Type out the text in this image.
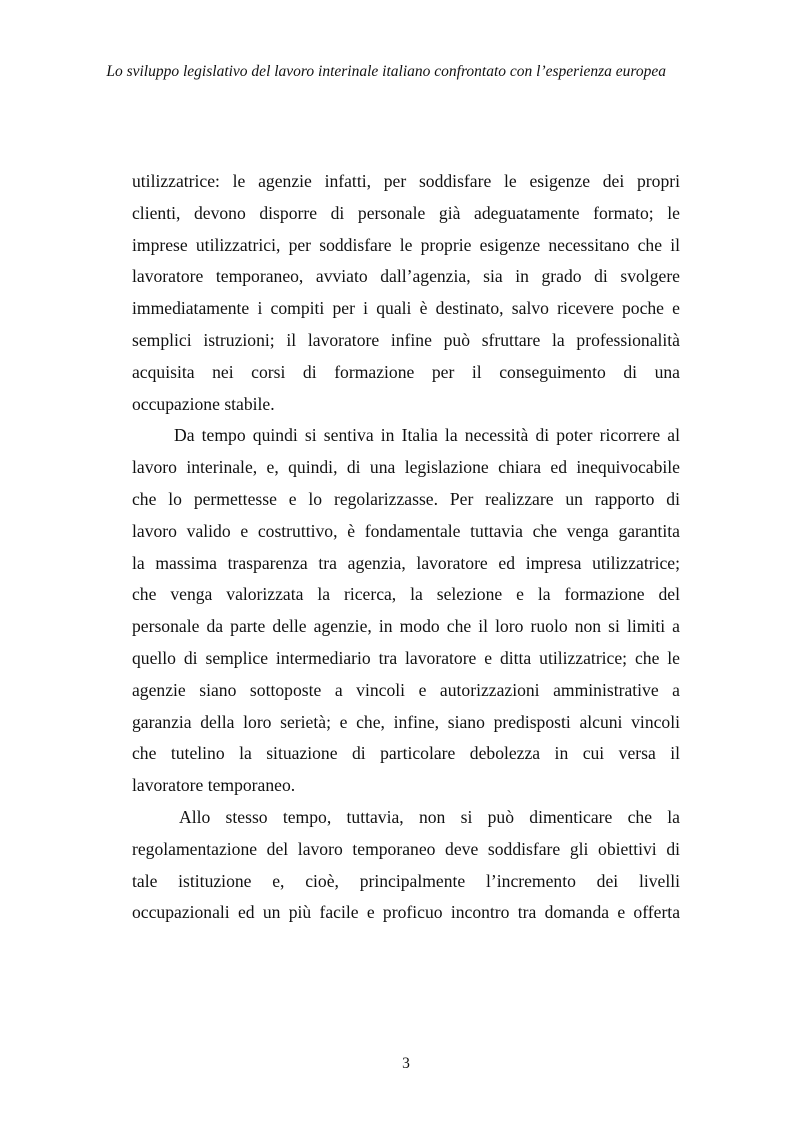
Lo sviluppo legislativo del lavoro interinale italiano confrontato con l’esperienza europea
utilizzatrice: le agenzie infatti, per soddisfare le esigenze dei propri
clienti, devono disporre di personale già adeguatamente formato; le
imprese utilizzatrici, per soddisfare le proprie esigenze necessitano che il
lavoratore temporaneo, avviato dall’agenzia, sia in grado di svolgere
immediatamente i compiti per i quali è destinato, salvo ricevere poche e
semplici istruzioni; il lavoratore infine può sfruttare la professionalità
acquisita nei corsi di formazione per il conseguimento di una
occupazione stabile.
Da tempo quindi si sentiva in Italia la necessità di poter ricorrere al
lavoro interinale, e, quindi, di una legislazione chiara ed inequivocabile
che lo permettesse e lo regolarizzasse. Per realizzare un rapporto di
lavoro valido e costruttivo, è fondamentale tuttavia che venga garantita
la massima trasparenza tra agenzia, lavoratore ed impresa utilizzatrice;
che venga valorizzata la ricerca, la selezione e la formazione del
personale da parte delle agenzie, in modo che il loro ruolo non si limiti a
quello di semplice intermediario tra lavoratore e ditta utilizzatrice; che le
agenzie siano sottoposte a vincoli e autorizzazioni amministrative a
garanzia della loro serietà; e che, infine, siano predisposti alcuni vincoli
che tutelino la situazione di particolare debolezza in cui versa il
lavoratore temporaneo.
Allo stesso tempo, tuttavia, non si può dimenticare che la
regolamentazione del lavoro temporaneo deve soddisfare gli obiettivi di
tale istituzione e, cioè, principalmente l’incremento dei livelli
occupazionali ed un più facile e proficuo incontro tra domanda e offerta
3
